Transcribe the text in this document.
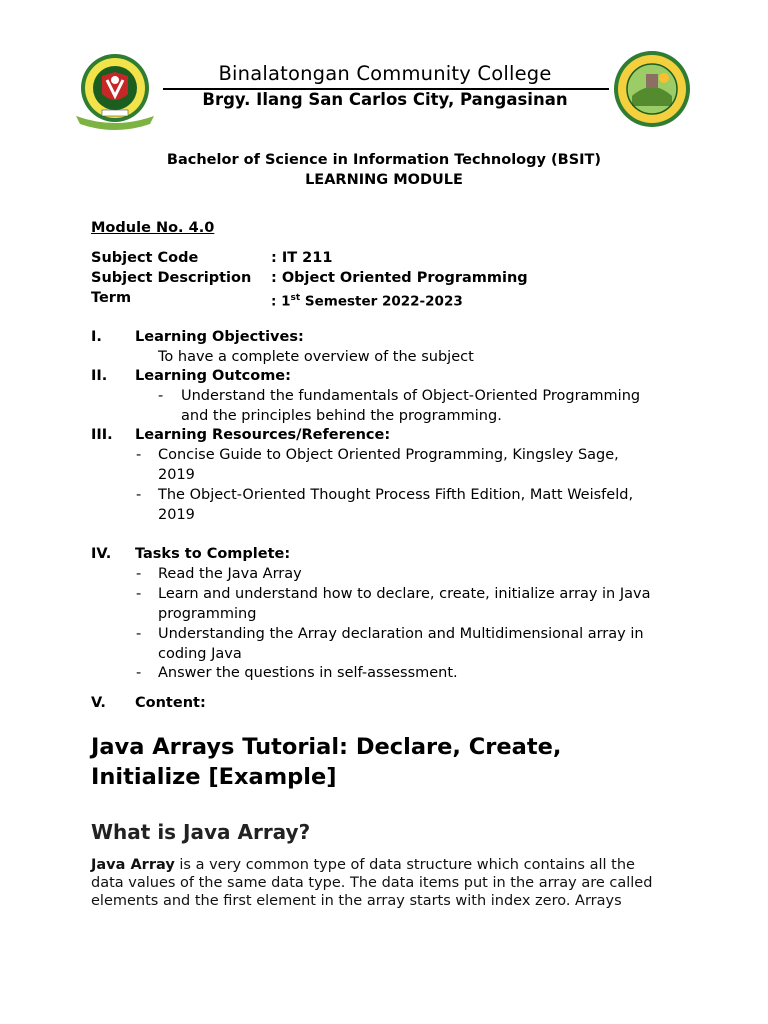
Binalatongan Community College
Brgy. Ilang San Carlos City, Pangasinan
Bachelor of Science in Information Technology (BSIT)
LEARNING MODULE
Module No. 4.0
Subject Code	: IT 211
Subject Description : Object Oriented Programming
Term	: 1st Semester 2022-2023
I. Learning Objectives:
To have a complete overview of the subject
II. Learning Outcome:
- Understand the fundamentals of Object-Oriented Programming
and the principles behind the programming.
III. Learning Resources/Reference:
- Concise Guide to Object Oriented Programming, Kingsley Sage,
2019
- The Object-Oriented Thought Process Fifth Edition, Matt Weisfeld,
2019
IV. Tasks to Complete:
- Read the Java Array
- Learn and understand how to declare, create, initialize array in Java
programming
- Understanding the Array declaration and Multidimensional array in
coding Java
- Answer the questions in self-assessment.
V. Content:
Java Arrays Tutorial: Declare, Create,
Initialize [Example]
What is Java Array?
Java Array is a very common type of data structure which contains all the
data values of the same data type. The data items put in the array are called
elements and the first element in the array starts with index zero. Arrays
